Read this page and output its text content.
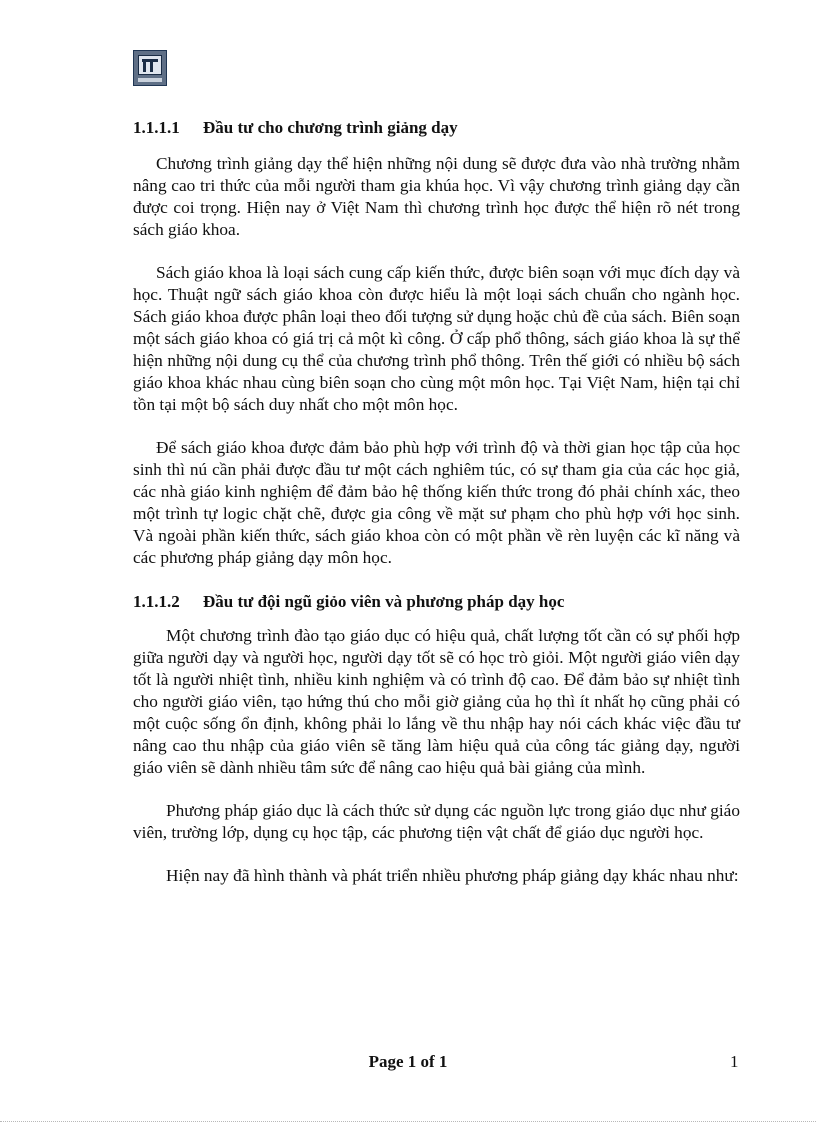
1.1.1.1 Đầu tư cho chương trình giảng dạy

Chương trình giảng dạy thể hiện những nội dung sẽ được đưa vào nhà trường nhằm nâng cao tri thức của mỗi người tham gia khúa học. Vì vậy chương trình giảng dạy cần được coi trọng. Hiện nay ở Việt Nam thì chương trình học được thể hiện rõ nét trong sách giáo khoa.

Sách giáo khoa là loại sách cung cấp kiến thức, được biên soạn với mục đích dạy và học. Thuật ngữ sách giáo khoa còn được hiểu là một loại sách chuẩn cho ngành học. Sách giáo khoa được phân loại theo đối tượng sử dụng hoặc chủ đề của sách. Biên soạn một sách giáo khoa có giá trị cả một kì công. Ở cấp phổ thông, sách giáo khoa là sự thể hiện những nội dung cụ thể của chương trình phổ thông. Trên thế giới có nhiều bộ sách giáo khoa khác nhau cùng biên soạn cho cùng một môn học. Tại Việt Nam, hiện tại chỉ tồn tại một bộ sách duy nhất cho một môn học.

Để sách giáo khoa được đảm bảo phù hợp với trình độ và thời gian học tập của học sinh thì nú cần phải được đầu tư một cách nghiêm túc, có sự tham gia của các học giả, các nhà giáo kinh nghiệm để đảm bảo hệ thống kiến thức trong đó phải chính xác, theo một trình tự logic chặt chẽ, được gia công về mặt sư phạm cho phù hợp với học sinh. Và ngoài phần kiến thức, sách giáo khoa còn có một phần về rèn luyện các kĩ năng và các phương pháp giảng dạy môn học.

1.1.1.2 Đầu tư đội ngũ giỏo viên và phương pháp dạy học

Một chương trình đào tạo giáo dục có hiệu quả, chất lượng tốt cần có sự phối hợp giữa người dạy và người học, người dạy tốt sẽ có học trò giỏi. Một người giáo viên dạy tốt là người nhiệt tình, nhiều kinh nghiệm và có trình độ cao. Để đảm bảo sự nhiệt tình cho người giáo viên, tạo hứng thú cho mỗi giờ giảng của họ thì ít nhất họ cũng phải có một cuộc sống ổn định, không phải lo lắng về thu nhập hay nói cách khác việc đầu tư nâng cao thu nhập của giáo viên sẽ tăng làm hiệu quả của công tác giảng dạy, người giáo viên sẽ dành nhiều tâm sức để nâng cao hiệu quả bài giảng của mình.

Phương pháp giáo dục là cách thức sử dụng các nguồn lực trong giáo dục như giáo viên, trường lớp, dụng cụ học tập, các phương tiện vật chất để giáo dục người học.

Hiện nay đã hình thành và phát triển nhiều phương pháp giảng dạy khác nhau như:

Page 1 of 1	1
